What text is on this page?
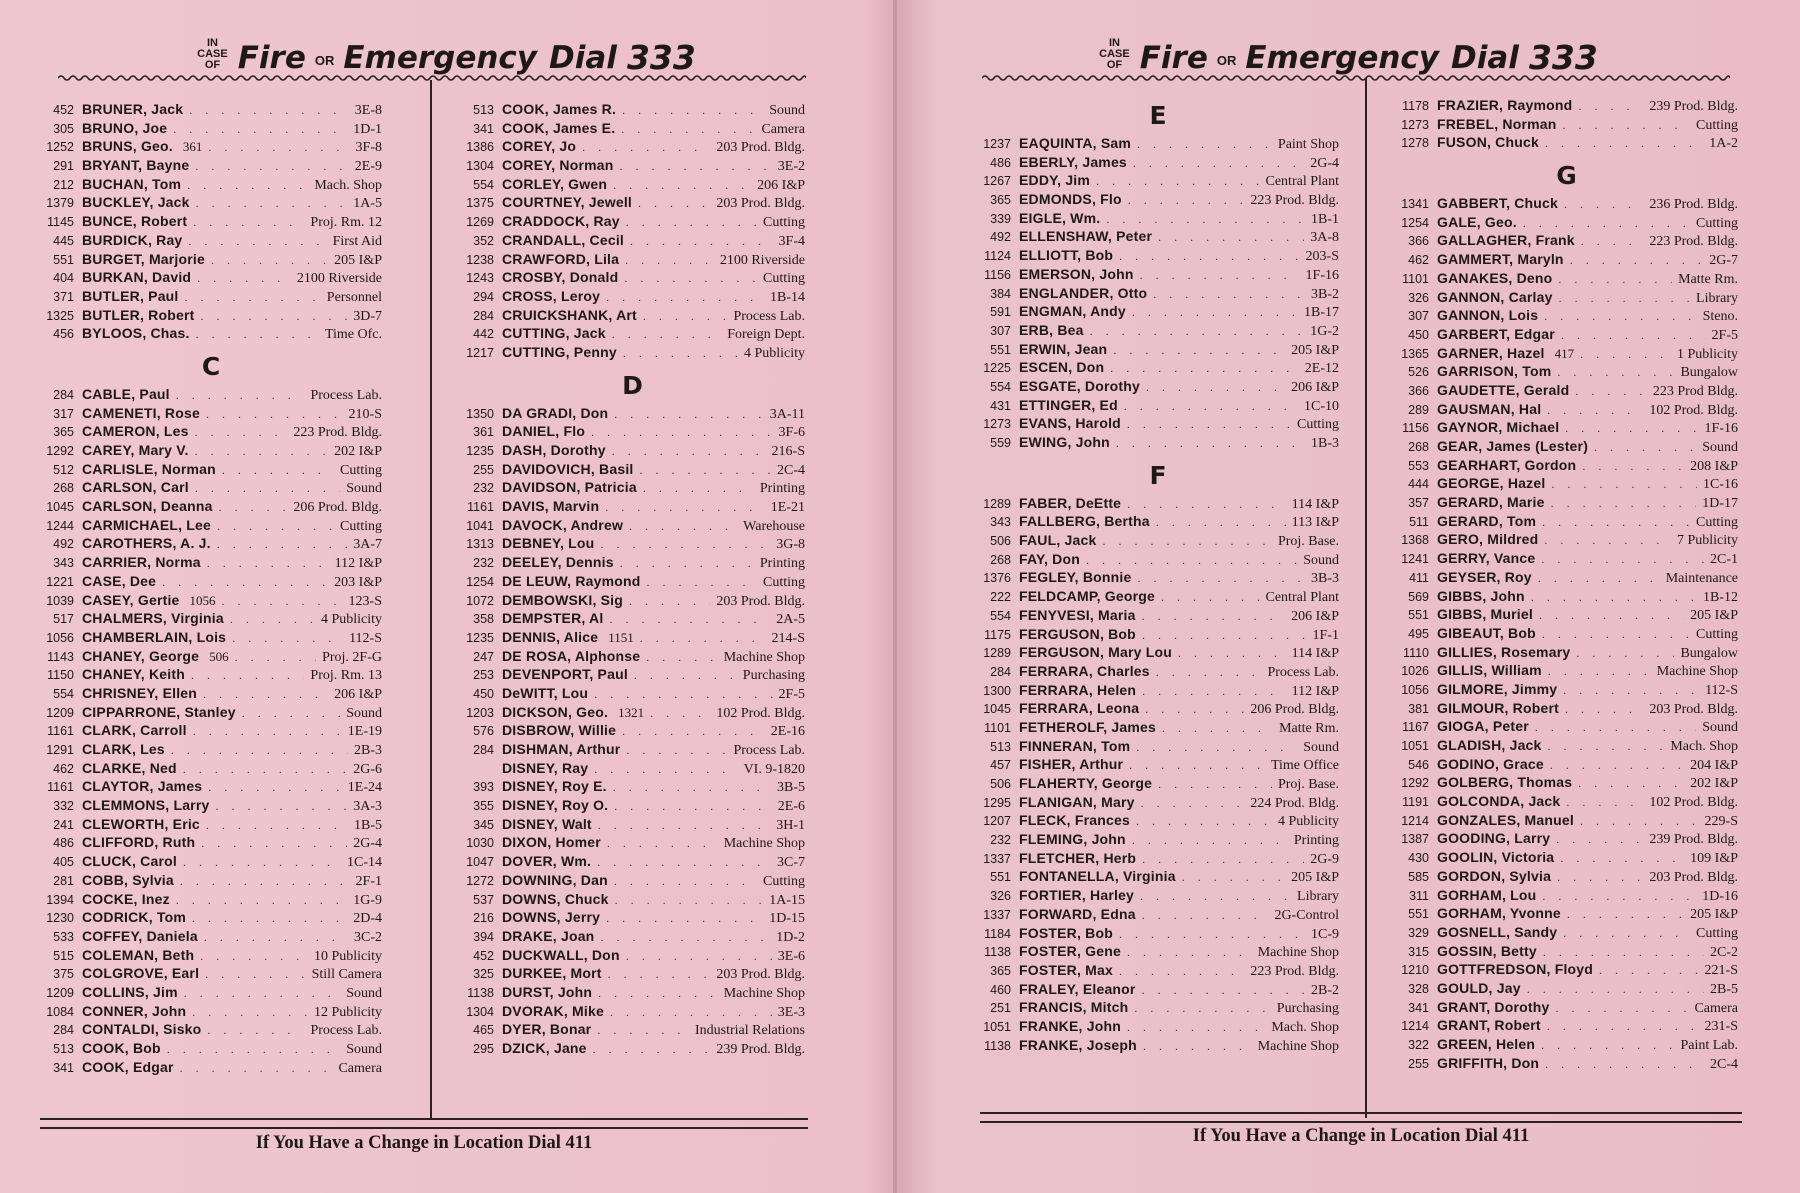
IN
CASE
OF Fire OR Emergency Dial 333
452 BRUNER, Jack . . .	3E-8
305 BRUNO, Joe . . .	1D-1
1252 BRUNS, Geo. 361 . . .	3F-8
291 BRYANT, Bayne . . .	2E-9
212 BUCHAN, Tom . . .	Mach. Shop
1379 BUCKLEY, Jack . . .	1A-5
1145 BUNCE, Robert . . .	Proj. Rm. 12
445 BURDICK, Ray . . .	First Aid
551 BURGET, Marjorie . . .	205 I&P
404 BURKAN, David . . .	2100 Riverside
371 BUTLER, Paul . . .	Personnel
1325 BUTLER, Robert . . .	3D-7
456 BYLOOS, Chas. . . .	Time Ofc.
C
284 CABLE, Paul . . .	Process Lab.
317 CAMENETI, Rose . . .	210-S
365 CAMERON, Les . . .	223 Prod. Bldg.
1292 CAREY, Mary V. . . .	202 I&P
512 CARLISLE, Norman . . .	Cutting
268 CARLSON, Carl . . .	Sound
1045 CARLSON, Deanna . . .	206 Prod. Bldg.
1244 CARMICHAEL, Lee . . .	Cutting
492 CAROTHERS, A. J. . . .	3A-7
343 CARRIER, Norma . . .	112 I&P
1221 CASE, Dee . . .	203 I&P
1039 CASEY, Gertie 1056 . . .	123-S
517 CHALMERS, Virginia . . .	4 Publicity
1056 CHAMBERLAIN, Lois . . .	112-S
1143 CHANEY, George 506 . . .	Proj. 2F-G
1150 CHANEY, Keith . . .	Proj. Rm. 13
554 CHRISNEY, Ellen . . .	206 I&P
1209 CIPPARRONE, Stanley . . .	Sound
1161 CLARK, Carroll . . .	1E-19
1291 CLARK, Les . . .	2B-3
462 CLARKE, Ned . . .	2G-6
1161 CLAYTOR, James . . .	1E-24
332 CLEMMONS, Larry . . .	3A-3
241 CLEWORTH, Eric . . .	1B-5
486 CLIFFORD, Ruth . . .	2G-4
405 CLUCK, Carol . . .	1C-14
281 COBB, Sylvia . . .	2F-1
1394 COCKE, Inez . . .	1G-9
1230 CODRICK, Tom . . .	2D-4
533 COFFEY, Daniela . . .	3C-2
515 COLEMAN, Beth . . .	10 Publicity
375 COLGROVE, Earl . . .	Still Camera
1209 COLLINS, Jim . . .	Sound
1084 CONNER, John . . .	12 Publicity
284 CONTALDI, Sisko . . .	Process Lab.
513 COOK, Bob . . .	Sound
341 COOK, Edgar . . .	Camera
513 COOK, James R. . . .	Sound
341 COOK, James E. . . .	Camera
1386 COREY, Jo . . .	203 Prod. Bldg.
1304 COREY, Norman . . .	3E-2
554 CORLEY, Gwen . . .	206 I&P
1375 COURTNEY, Jewell . . .	203 Prod. Bldg.
1269 CRADDOCK, Ray . . .	Cutting
352 CRANDALL, Cecil . . .	3F-4
1238 CRAWFORD, Lila . . .	2100 Riverside
1243 CROSBY, Donald . . .	Cutting
294 CROSS, Leroy . . .	1B-14
284 CRUICKSHANK, Art . . .	Process Lab.
442 CUTTING, Jack . . .	Foreign Dept.
1217 CUTTING, Penny . . .	4 Publicity
D
1350 DA GRADI, Don . . .	3A-11
361 DANIEL, Flo . . .	3F-6
1235 DASH, Dorothy . . .	216-S
255 DAVIDOVICH, Basil . . .	2C-4
232 DAVIDSON, Patricia . . .	Printing
1161 DAVIS, Marvin . . .	1E-21
1041 DAVOCK, Andrew . . .	Warehouse
1313 DEBNEY, Lou . . .	3G-8
232 DEELEY, Dennis . . .	Printing
1254 DE LEUW, Raymond . . .	Cutting
1072 DEMBOWSKI, Sig . . .	203 Prod. Bldg.
358 DEMPSTER, Al . . .	2A-5
1235 DENNIS, Alice 1151 . . .	214-S
247 DE ROSA, Alphonse . . .	Machine Shop
253 DEVENPORT, Paul . . .	Purchasing
450 DeWITT, Lou . . .	2F-5
1203 DICKSON, Geo. 1321 . . .	102 Prod. Bldg.
576 DISBROW, Willie . . .	2E-16
284 DISHMAN, Arthur . . .	Process Lab.
DISNEY, Ray . . .	VI. 9-1820
393 DISNEY, Roy E. . . .	3B-5
355 DISNEY, Roy O. . . .	2E-6
345 DISNEY, Walt . . .	3H-1
1030 DIXON, Homer . . .	Machine Shop
1047 DOVER, Wm. . . .	3C-7
1272 DOWNING, Dan . . .	Cutting
537 DOWNS, Chuck . . .	1A-15
216 DOWNS, Jerry . . .	1D-15
394 DRAKE, Joan . . .	1D-2
452 DUCKWALL, Don . . .	3E-6
325 DURKEE, Mort . . .	203 Prod. Bldg.
1138 DURST, John . . .	Machine Shop
1304 DVORAK, Mike . . .	3E-3
465 DYER, Bonar . . .	Industrial Relations
295 DZICK, Jane . . .	239 Prod. Bldg.
If You Have a Change in Location Dial 411
IN
CASE
OF Fire OR Emergency Dial 333
E
1237 EAQUINTA, Sam . . .	Paint Shop
486 EBERLY, James . . .	2G-4
1267 EDDY, Jim . . .	Central Plant
365 EDMONDS, Flo . . .	223 Prod. Bldg.
339 EIGLE, Wm. . . .	1B-1
492 ELLENSHAW, Peter . . .	3A-8
1124 ELLIOTT, Bob . . .	203-S
1156 EMERSON, John . . .	1F-16
384 ENGLANDER, Otto . . .	3B-2
591 ENGMAN, Andy . . .	1B-17
307 ERB, Bea . . .	1G-2
551 ERWIN, Jean . . .	205 I&P
1225 ESCEN, Don . . .	2E-12
554 ESGATE, Dorothy . . .	206 I&P
431 ETTINGER, Ed . . .	1C-10
1273 EVANS, Harold . . .	Cutting
559 EWING, John . . .	1B-3
F
1289 FABER, DeEtte . . .	114 I&P
343 FALLBERG, Bertha . . .	113 I&P
506 FAUL, Jack . . .	Proj. Base.
268 FAY, Don . . .	Sound
1376 FEGLEY, Bonnie . . .	3B-3
222 FELDCAMP, George . . .	Central Plant
554 FENYVESI, Maria . . .	206 I&P
1175 FERGUSON, Bob . . .	1F-1
1289 FERGUSON, Mary Lou . . .	114 I&P
284 FERRARA, Charles . . .	Process Lab.
1300 FERRARA, Helen . . .	112 I&P
1045 FERRARA, Leona . . .	206 Prod. Bldg.
1101 FETHEROLF, James . . .	Matte Rm.
513 FINNERAN, Tom . . .	Sound
457 FISHER, Arthur . . .	Time Office
506 FLAHERTY, George . . .	Proj. Base.
1295 FLANIGAN, Mary . . .	224 Prod. Bldg.
1207 FLECK, Frances . . .	4 Publicity
232 FLEMING, John . . .	Printing
1337 FLETCHER, Herb . . .	2G-9
551 FONTANELLA, Virginia . . .	205 I&P
326 FORTIER, Harley . . .	Library
1337 FORWARD, Edna . . .	2G-Control
1184 FOSTER, Bob . . .	1C-9
1138 FOSTER, Gene . . .	Machine Shop
365 FOSTER, Max . . .	223 Prod. Bldg.
460 FRALEY, Eleanor . . .	2B-2
251 FRANCIS, Mitch . . .	Purchasing
1051 FRANKE, John . . .	Mach. Shop
1138 FRANKE, Joseph . . .	Machine Shop
1178 FRAZIER, Raymond . . .	239 Prod. Bldg.
1273 FREBEL, Norman . . .	Cutting
1278 FUSON, Chuck . . .	1A-2
G
1341 GABBERT, Chuck . . .	236 Prod. Bldg.
1254 GALE, Geo. . . .	Cutting
366 GALLAGHER, Frank . . .	223 Prod. Bldg.
462 GAMMERT, Maryln . . .	2G-7
1101 GANAKES, Deno . . .	Matte Rm.
326 GANNON, Carlay . . .	Library
307 GANNON, Lois . . .	Steno.
450 GARBERT, Edgar . . .	2F-5
1365 GARNER, Hazel 417 . . .	1 Publicity
526 GARRISON, Tom . . .	Bungalow
366 GAUDETTE, Gerald . . .	223 Prod Bldg.
289 GAUSMAN, Hal . . .	102 Prod. Bldg.
1156 GAYNOR, Michael . . .	1F-16
268 GEAR, James (Lester) . . .	Sound
553 GEARHART, Gordon . . .	208 I&P
444 GEORGE, Hazel . . .	1C-16
357 GERARD, Marie . . .	1D-17
511 GERARD, Tom . . .	Cutting
1368 GERO, Mildred . . .	7 Publicity
1241 GERRY, Vance . . .	2C-1
411 GEYSER, Roy . . .	Maintenance
569 GIBBS, John . . .	1B-12
551 GIBBS, Muriel . . .	205 I&P
495 GIBEAUT, Bob . . .	Cutting
1110 GILLIES, Rosemary . . .	Bungalow
1026 GILLIS, William . . .	Machine Shop
1056 GILMORE, Jimmy . . .	112-S
381 GILMOUR, Robert . . .	203 Prod. Bldg.
1167 GIOGA, Peter . . .	Sound
1051 GLADISH, Jack . . .	Mach. Shop
546 GODINO, Grace . . .	204 I&P
1292 GOLBERG, Thomas . . .	202 I&P
1191 GOLCONDA, Jack . . .	102 Prod. Bldg.
1214 GONZALES, Manuel . . .	229-S
1387 GOODING, Larry . . .	239 Prod. Bldg.
430 GOOLIN, Victoria . . .	109 I&P
585 GORDON, Sylvia . . .	203 Prod. Bldg.
311 GORHAM, Lou . . .	1D-16
551 GORHAM, Yvonne . . .	205 I&P
329 GOSNELL, Sandy . . .	Cutting
315 GOSSIN, Betty . . .	2C-2
1210 GOTTFREDSON, Floyd . . .	221-S
328 GOULD, Jay . . .	2B-5
341 GRANT, Dorothy . . .	Camera
1214 GRANT, Robert . . .	231-S
322 GREEN, Helen . . .	Paint Lab.
255 GRIFFITH, Don . . .	2C-4
If You Have a Change in Location Dial 411
